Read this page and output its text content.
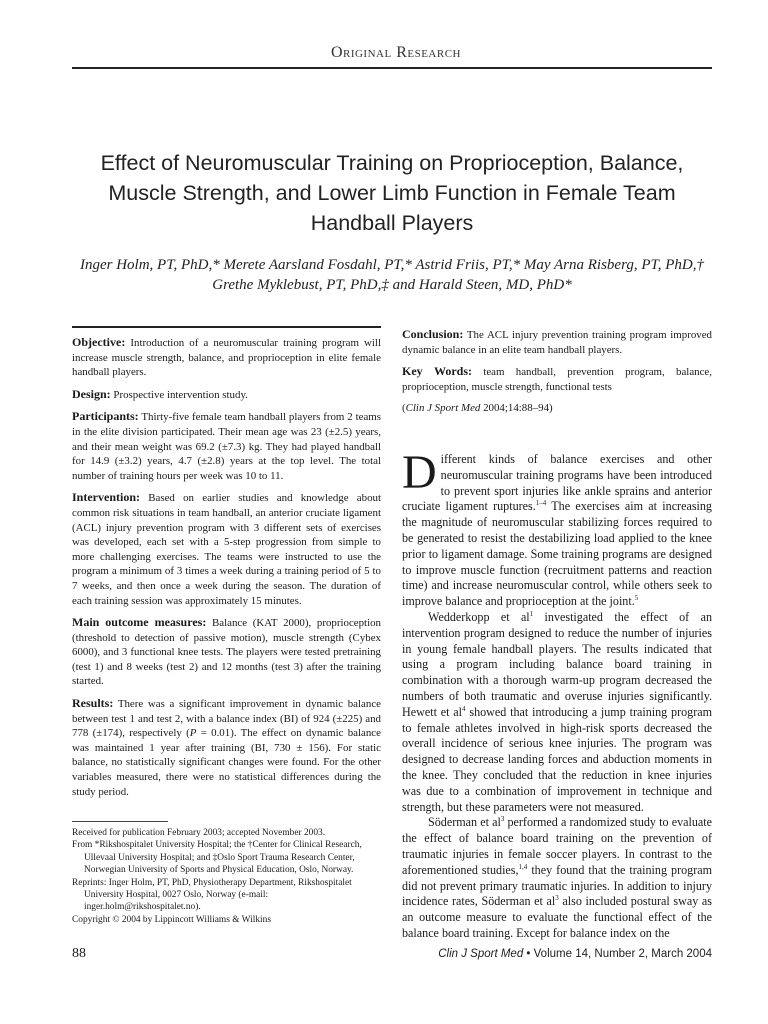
Original Research
Effect of Neuromuscular Training on Proprioception, Balance,
Muscle Strength, and Lower Limb Function in Female Team
Handball Players
Inger Holm, PT, PhD,* Merete Aarsland Fosdahl, PT,* Astrid Friis, PT,* May Arna Risberg, PT, PhD,†
Grethe Myklebust, PT, PhD,‡ and Harald Steen, MD, PhD*

Objective: Introduction of a neuromuscular training program will increase muscle strength, balance, and proprioception in elite female handball players.

Design: Prospective intervention study.

Participants: Thirty-five female team handball players from 2 teams in the elite division participated. Their mean age was 23 (±2.5) years, and their mean weight was 69.2 (±7.3) kg. They had played handball for 14.9 (±3.2) years, 4.7 (±2.8) years at the top level. The total number of training hours per week was 10 to 11.

Intervention: Based on earlier studies and knowledge about common risk situations in team handball, an anterior cruciate ligament (ACL) injury prevention program with 3 different sets of exercises was developed, each set with a 5-step progression from simple to more challenging exercises. The teams were instructed to use the program a minimum of 3 times a week during a training period of 5 to 7 weeks, and then once a week during the season. The duration of each training session was approximately 15 minutes.

Main outcome measures: Balance (KAT 2000), proprioception (threshold to detection of passive motion), muscle strength (Cybex 6000), and 3 functional knee tests. The players were tested pretraining (test 1) and 8 weeks (test 2) and 12 months (test 3) after the training started.

Results: There was a significant improvement in dynamic balance between test 1 and test 2, with a balance index (BI) of 924 (±225) and 778 (±174), respectively (P = 0.01). The effect on dynamic balance was maintained 1 year after training (BI, 730 ± 156). For static balance, no statistically significant changes were found. For the other variables measured, there were no statistical differences during the study period.

Conclusion: The ACL injury prevention training program improved dynamic balance in an elite team handball players.

Key Words: team handball, prevention program, balance, proprioception, muscle strength, functional tests

(Clin J Sport Med 2004;14:88–94)

Different kinds of balance exercises and other neuromuscular training programs have been introduced to prevent sport injuries like ankle sprains and anterior cruciate ligament ruptures.$^{1-4}$ The exercises aim at increasing the magnitude of neuromuscular stabilizing forces required to be generated to resist the destabilizing load applied to the knee prior to ligament damage. Some training programs are designed to improve muscle function (recruitment patterns and reaction time) and increase neuromuscular control, while others seek to improve balance and proprioception at the joint.$^5$

Wedderkopp et $al^1$ investigated the effect of an intervention program designed to reduce the number of injuries in young female handball players. The results indicated that using a program including balance board training in combination with a thorough warm-up program decreased the numbers of both traumatic and overuse injuries significantly. Hewett et $al^4$ showed that introducing a jump training program to female athletes involved in high-risk sports decreased the overall incidence of serious knee injuries. The program was designed to decrease landing forces and abduction moments in the knee. They concluded that the reduction in knee injuries was due to a combination of improvement in technique and strength, but these parameters were not measured.

Söderman et $al^3$ performed a randomized study to evaluate the effect of balance board training on the prevention of traumatic injuries in female soccer players. In contrast to the aforementioned studies,$^{1,4}$ they found that the training program did not prevent primary traumatic injuries. In addition to injury incidence rates, Söderman et $al^3$ also included postural sway as an outcome measure to evaluate the functional effect of the balance board training. Except for balance index on the

Received for publication February 2003; accepted November 2003.

From *Rikshospitalet University Hospital; the †Center for Clinical Research, Ullevaal University Hospital; and ‡Oslo Sport Trauma Research Center, Norwegian University of Sports and Physical Education, Oslo, Norway.

Reprints: Inger Holm, PT, PhD, Physiotherapy Department, Rikshospitalet University Hospital, 0027 Oslo, Norway (e-mail: inger.holm@rikshospitalet.no).

Copyright © 2004 by Lippincott Williams & Wilkins

88	Clin J Sport Med • Volume 14, Number 2, March 2004
